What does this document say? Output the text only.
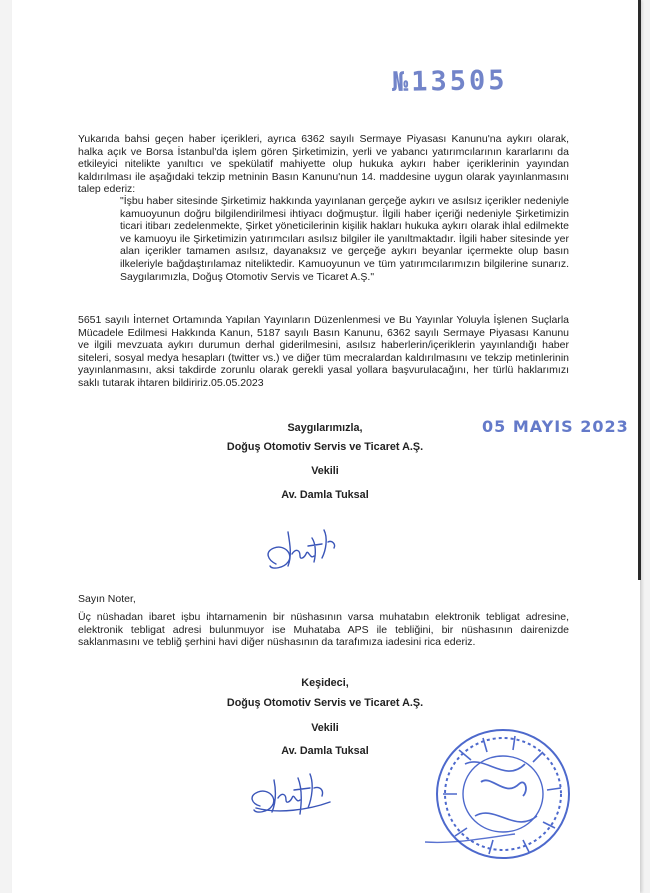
№13505

Yukarıda bahsi geçen haber içerikleri, ayrıca 6362 sayılı Sermaye Piyasası Kanunu'na aykırı olarak, halka açık ve Borsa İstanbul'da işlem gören Şirketimizin, yerli ve yabancı yatırımcılarının kararlarını da etkileyici nitelikte yanıltıcı ve spekülatif mahiyette olup hukuka aykırı haber içeriklerinin yayından kaldırılması ile aşağıdaki tekzip metninin Basın Kanunu'nun 14. maddesine uygun olarak yayınlanmasını talep ederiz:

"İşbu haber sitesinde Şirketimiz hakkında yayınlanan gerçeğe aykırı ve asılsız içerikler nedeniyle kamuoyunun doğru bilgilendirilmesi ihtiyacı doğmuştur. İlgili haber içeriği nedeniyle Şirketimizin ticari itibarı zedelenmekte, Şirket yöneticilerinin kişilik hakları hukuka aykırı olarak ihlal edilmekte ve kamuoyu ile Şirketimizin yatırımcıları asılsız bilgiler ile yanıltmaktadır. İlgili haber sitesinde yer alan içerikler tamamen asılsız, dayanaksız ve gerçeğe aykırı beyanlar içermekte olup basın ilkeleriyle bağdaştırılamaz niteliktedir. Kamuoyunun ve tüm yatırımcılarımızın bilgilerine sunarız. Saygılarımızla, Doğuş Otomotiv Servis ve Ticaret A.Ş."

5651 sayılı İnternet Ortamında Yapılan Yayınların Düzenlenmesi ve Bu Yayınlar Yoluyla İşlenen Suçlarla Mücadele Edilmesi Hakkında Kanun, 5187 sayılı Basın Kanunu, 6362 sayılı Sermaye Piyasası Kanunu ve ilgili mevzuata aykırı durumun derhal giderilmesini, asılsız haberlerin/içeriklerin yayınlandığı haber siteleri, sosyal medya hesapları (twitter vs.) ve diğer tüm mecralardan kaldırılmasını ve tekzip metinlerinin yayınlanmasını, aksi takdirde zorunlu olarak gerekli yasal yollara başvurulacağını, her türlü haklarımızı saklı tutarak ihtaren bildiririz.05.05.2023

Saygılarımızla,

Doğuş Otomotiv Servis ve Ticaret A.Ş.

Vekili

Av. Damla Tuksal

05 MAYIS 2023

Sayın Noter,

Üç nüshadan ibaret işbu ihtarnamenin bir nüshasının varsa muhatabın elektronik tebligat adresine, elektronik tebligat adresi bulunmuyor ise Muhataba APS ile tebliğini, bir nüshasının dairenizde saklanmasını ve tebliğ şerhini havi diğer nüshasının da tarafımıza iadesini rica ederiz.

Keşideci,

Doğuş Otomotiv Servis ve Ticaret A.Ş.

Vekili

Av. Damla Tuksal
